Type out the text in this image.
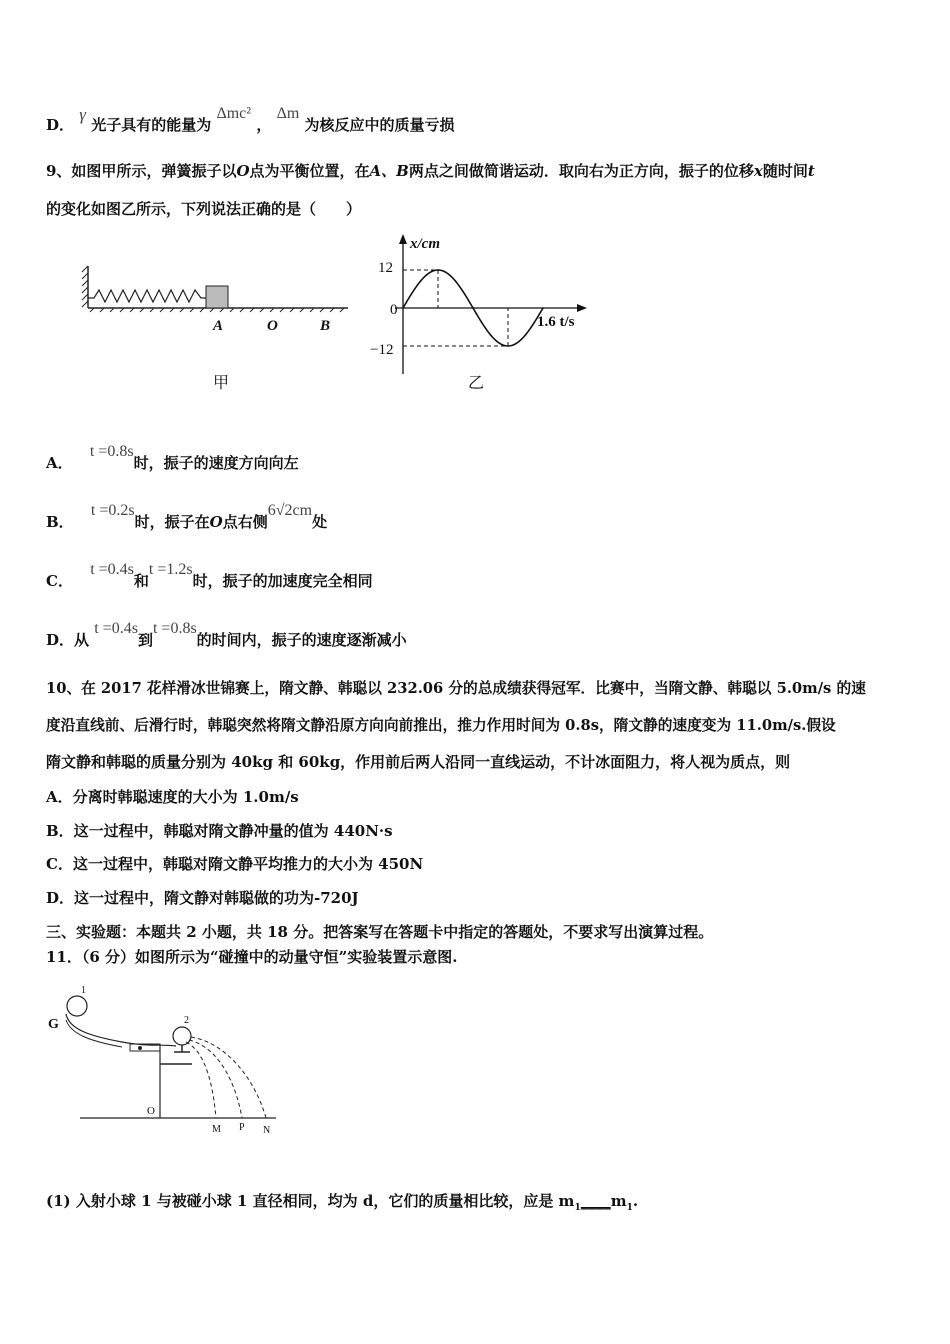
D． γ 光子具有的能量为 Δmc² ， Δm 为核反应中的质量亏损
9、如图甲所示，弹簧振子以O点为平衡位置，在A、B两点之间做简谐运动．取向右为正方向，振子的位移x随时间t
的变化如图乙所示，下列说法正确的是（　　）
A	O	B
甲
x/cm
12
0
−12
1.6 t/s
乙
A． t =0.8s时，振子的速度方向向左
B． t =0.2s时，振子在O点右侧6√2cm处
C． t =0.4s和t =1.2s时，振子的加速度完全相同
D．从 t =0.4s到t =0.8s的时间内，振子的速度逐渐减小
10、在 2017 花样滑冰世锦赛上，隋文静、韩聪以 232.06 分的总成绩获得冠军．比赛中，当隋文静、韩聪以 5.0m/s 的速
度沿直线前、后滑行时，韩聪突然将隋文静沿原方向向前推出，推力作用时间为 0.8s，隋文静的速度变为 11.0m/s.假设
隋文静和韩聪的质量分别为 40kg 和 60kg，作用前后两人沿同一直线运动，不计冰面阻力，将人视为质点，则
A．分离时韩聪速度的大小为 1.0m/s
B．这一过程中，韩聪对隋文静冲量的值为 440N·s
C．这一过程中，韩聪对隋文静平均推力的大小为 450N
D．这一过程中，隋文静对韩聪做的功为-720J
三、实验题：本题共 2 小题，共 18 分。把答案写在答题卡中指定的答题处，不要求写出演算过程。
11．（6 分）如图所示为“碰撞中的动量守恒”实验装置示意图.
1
G	2
O
M P N
(1) 入射小球 1 与被碰小球 1 直径相同，均为 d，它们的质量相比较，应是 $m_1\_\_\_\_m_1$.
